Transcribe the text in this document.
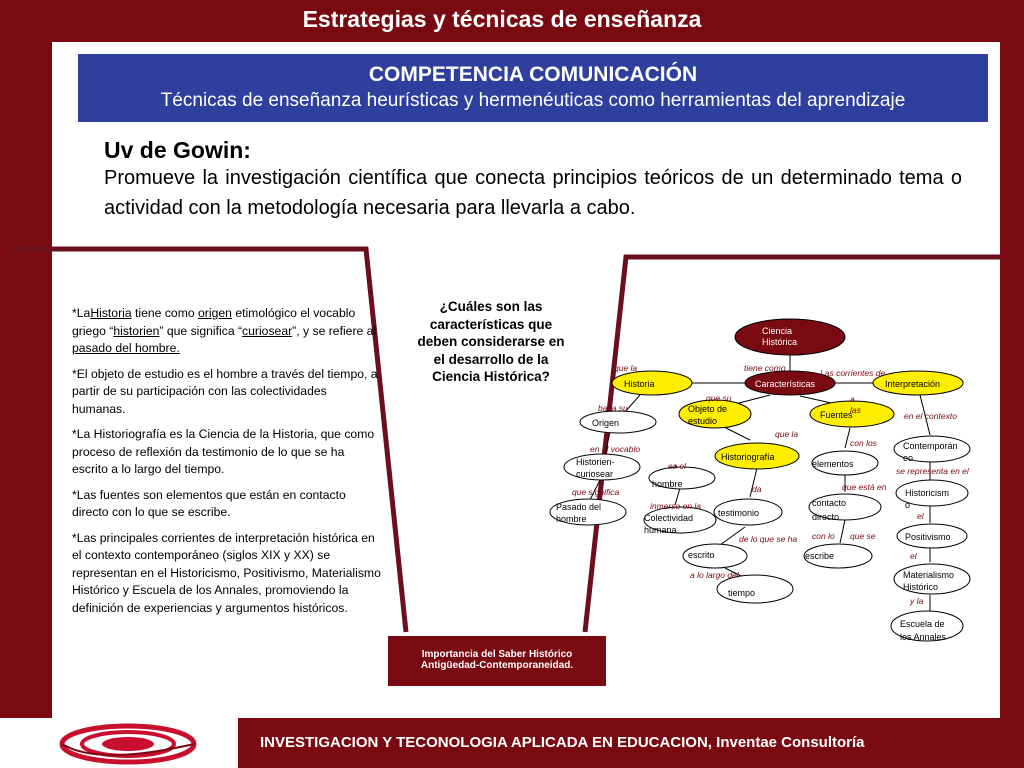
Estrategias y técnicas de enseñanza
COMPETENCIA COMUNICACIÓN
Técnicas de enseñanza heurísticas y hermenéuticas como herramientas del aprendizaje
Uv de Gowin:
Promueve la investigación científica que conecta principios teóricos de un determinado tema o actividad con la metodología necesaria para llevarla a cabo.

*LaHistoria tiene como origen etimológico el vocablo griego “historien” que significa “curiosear”, y se refiere al pasado del hombre.

*El objeto de estudio es el hombre a través del tiempo, a partir de su participación con las colectividades humanas.

*La Historiografía es la Ciencia de la Historia, que como proceso de reflexión da testimonio de lo que se ha escrito a lo largo del tiempo.

*Las fuentes son elementos que están en contacto directo con lo que se escribe.

*Las principales corrientes de interpretación histórica en el contexto contemporáneo (siglos XIX y XX) se representan en el Historicismo, Positivismo, Materialismo Histórico y Escuela de los Annales, promoviendo la definición de experiencias y argumentos históricos.

¿Cuáles son las características que deben considerarse en el desarrollo de la Ciencia Histórica?
Importancia del Saber Histórico
Antigüedad-Contemporaneidad.
Ciencia
Histórica
Historia	Características	Interpretación
Objeto de
estudio
Fuentes
Origen
Historiografía
Contemporán
eo
Historien-
curiosear
hombre
elementos
Historicism
o
Pasado del
hombre	Colectividad
humana
testimonio
contacto
directo
Positivismo
escrito	escribe
Materialismo
Histórico
tiempo
Escuela de
los Annales
que la	tiene como	Las corrientes de
que su
basa su
a
las
en el contexto
que la
con los
en el vocablo
es el	se representa en el
que significa
inmerso en la
da	que está en
el
de lo que se ha con lo que se
el
a lo largo del
y la
INVESTIGACION Y TECONOLOGIA APLICADA EN EDUCACION, Inventae Consultoría
